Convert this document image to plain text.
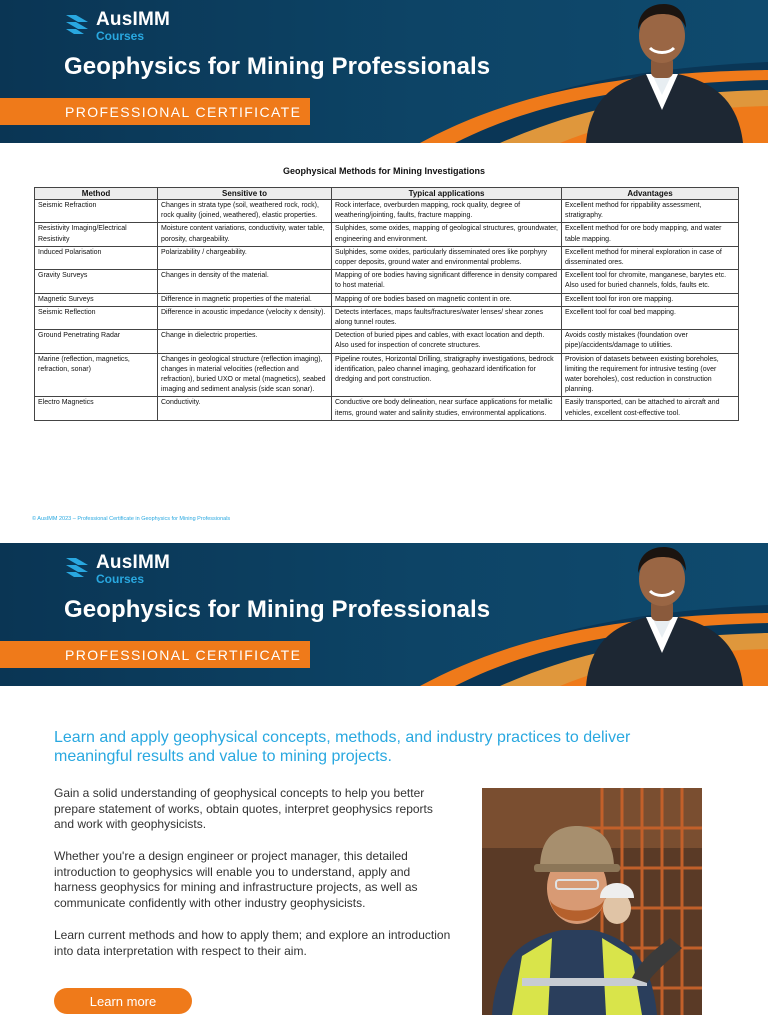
AusIMM
Courses
Geophysics for Mining Professionals
PROFESSIONAL CERTIFICATE
Geophysical Methods for Mining Investigations
Method	Sensitive to	Typical applications	Advantages
Seismic Refraction	Changes in strata type (soil, weathered rock, rock), rock quality (joined, weathered), elastic properties.	Rock interface, overburden mapping, rock quality, degree of weathering/jointing, faults, fracture mapping.	Excellent method for rippability assessment, stratigraphy.
Resistivity Imaging/Electrical Resistivity	Moisture content variations, conductivity, water table, porosity, chargeability.	Sulphides, some oxides, mapping of geological structures, groundwater, engineering and environment.	Excellent method for ore body mapping, and water table mapping.
Induced Polarisation	Polarizability / chargeability.	Sulphides, some oxides, particularly disseminated ores like porphyry copper deposits, ground water and environmental problems.	Excellent method for mineral exploration in case of disseminated ores.
Gravity Surveys	Changes in density of the material.	Mapping of ore bodies having significant difference in density compared to host material.	Excellent tool for chromite, manganese, barytes etc. Also used for buried channels, folds, faults etc.
Magnetic Surveys	Difference in magnetic properties of the material.	Mapping of ore bodies based on magnetic content in ore.	Excellent tool for iron ore mapping.
Seismic Reflection	Difference in acoustic impedance (velocity x density).	Detects interfaces, maps faults/fractures/water lenses/ shear zones along tunnel routes.	Excellent tool for coal bed mapping.
Ground Penetrating Radar	Change in dielectric properties.	Detection of buried pipes and cables, with exact location and depth. Also used for inspection of concrete structures.	Avoids costly mistakes (foundation over pipe)/accidents/damage to utilities.
Marine (reflection, magnetics, refraction, sonar)	Changes in geological structure (reflection imaging), changes in material velocities (reflection and refraction), buried UXO or metal (magnetics), seabed imaging and sediment analysis (side scan sonar).	Pipeline routes, Horizontal Drilling, stratigraphy investigations, bedrock identification, paleo channel imaging, geohazard identification for dredging and port construction.	Provision of datasets between existing boreholes, limiting the requirement for intrusive testing (over water boreholes), cost reduction in construction planning.
Electro Magnetics	Conductivity.	Conductive ore body delineation, near surface applications for metallic items, ground water and salinity studies, environmental applications.	Easily transported, can be attached to aircraft and vehicles, excellent cost-effective tool.
© AusIMM 2023 – Professional Certificate in Geophysics for Mining Professionals
AusIMM
Courses
Geophysics for Mining Professionals
PROFESSIONAL CERTIFICATE
Learn and apply geophysical concepts, methods, and industry practices to deliver meaningful results and value to mining projects.

Gain a solid understanding of geophysical concepts to help you better prepare statement of works, obtain quotes, interpret geophysics reports and work with geophysicists.

Whether you're a design engineer or project manager, this detailed introduction to geophysics will enable you to understand, apply and harness geophysics for mining and infrastructure projects, as well as communicate confidently with other industry geophysicists.

Learn current methods and how to apply them; and explore an introduction into data interpretation with respect to their aim.

Learn more
